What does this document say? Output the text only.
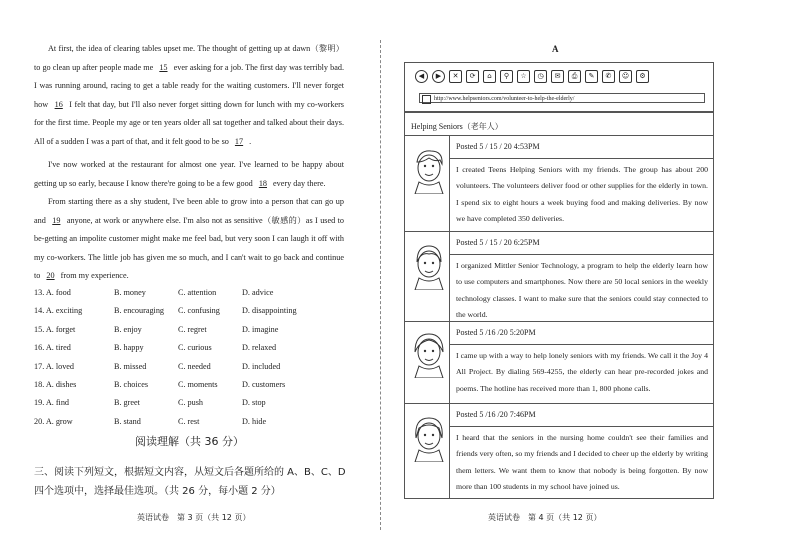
At first, the idea of clearing tables upset me. The thought of getting up at dawn（黎明）to go clean up after people made me 15 ever asking for a job. The first day was terribly bad. I was running around, racing to get a table ready for the waiting customers. I'll never forget how 16 I felt that day, but I'll also never forget sitting down for lunch with my co-workers for the first time. People my age or ten years older all sat together and talked about their days. All of a sudden I was a part of that, and it felt good to be so 17 .

I've now worked at the restaurant for almost one year. I've learned to be happy about getting up so early, because I know there're going to be a few good 18 every day there.

From starting there as a shy student, I've been able to grow into a person that can go up and 19 anyone, at work or anywhere else. I'm also not as sensitive（敏感的）as I used to be-getting an impolite customer might make me feel bad, but very soon I can laugh it off with my co-workers. The little job has given me so much, and I can't wait to go back and continue to 20 from my experience.

13. A. food	B. money	C. attention	D. advice
14. A. exciting	B. encouraging C. confusing	D. disappointing
15. A. forget	B. enjoy	C. regret	D. imagine
16. A. tired	B. happy	C. curious	D. relaxed
17. A. loved	B. missed	C. needed	D. included
18. A. dishes	B. choices	C. moments	D. customers
19. A. find	B. greet	C. push	D. stop
20. A. grow	B. stand	C. rest	D. hide
阅读理解（共 36 分）
三、阅读下列短文，根据短文内容，从短文后各题所给的 A、B、C、D 四个选项中，选择最佳选项。（共 26 分，每小题 2 分）
英语试卷　第 3 页（共 12 页）
A
◀	▶	✕	⟳	⌂	⚲	☆	◷	✉	⎙	✎	✆	☺	⚙
http://www.helpseniors.com/volunteer-to-help-the-elderly/
Helping Seniors（老年人）
Posted 5 / 15 / 20 4:53PM
I created Teens Helping Seniors with my friends. The group has about 200 volunteers. The volunteers deliver food or other supplies for the elderly in town. I spend six to eight hours a week buying food and making deliveries. By now we have completed 350 deliveries.
Posted 5 / 15 / 20 6:25PM
I organized Mittler Senior Technology, a program to help the elderly learn how to use computers and smartphones. Now there are 50 local seniors in the weekly technology classes. I want to make sure that the seniors could stay connected to the world.
Posted 5 /16 /20 5:20PM
I came up with a way to help lonely seniors with my friends. We call it the Joy 4 All Project. By dialing 569-4255, the elderly can hear pre-recorded jokes and poems. The hotline has received more than 1, 800 phone calls.
Posted 5 /16 /20 7:46PM
I heard that the seniors in the nursing home couldn't see their families and friends very often, so my friends and I decided to cheer up the elderly by writing them letters. We want them to know that nobody is being forgotten. By now more than 100 students in my school have joined us.
英语试卷　第 4 页（共 12 页）
